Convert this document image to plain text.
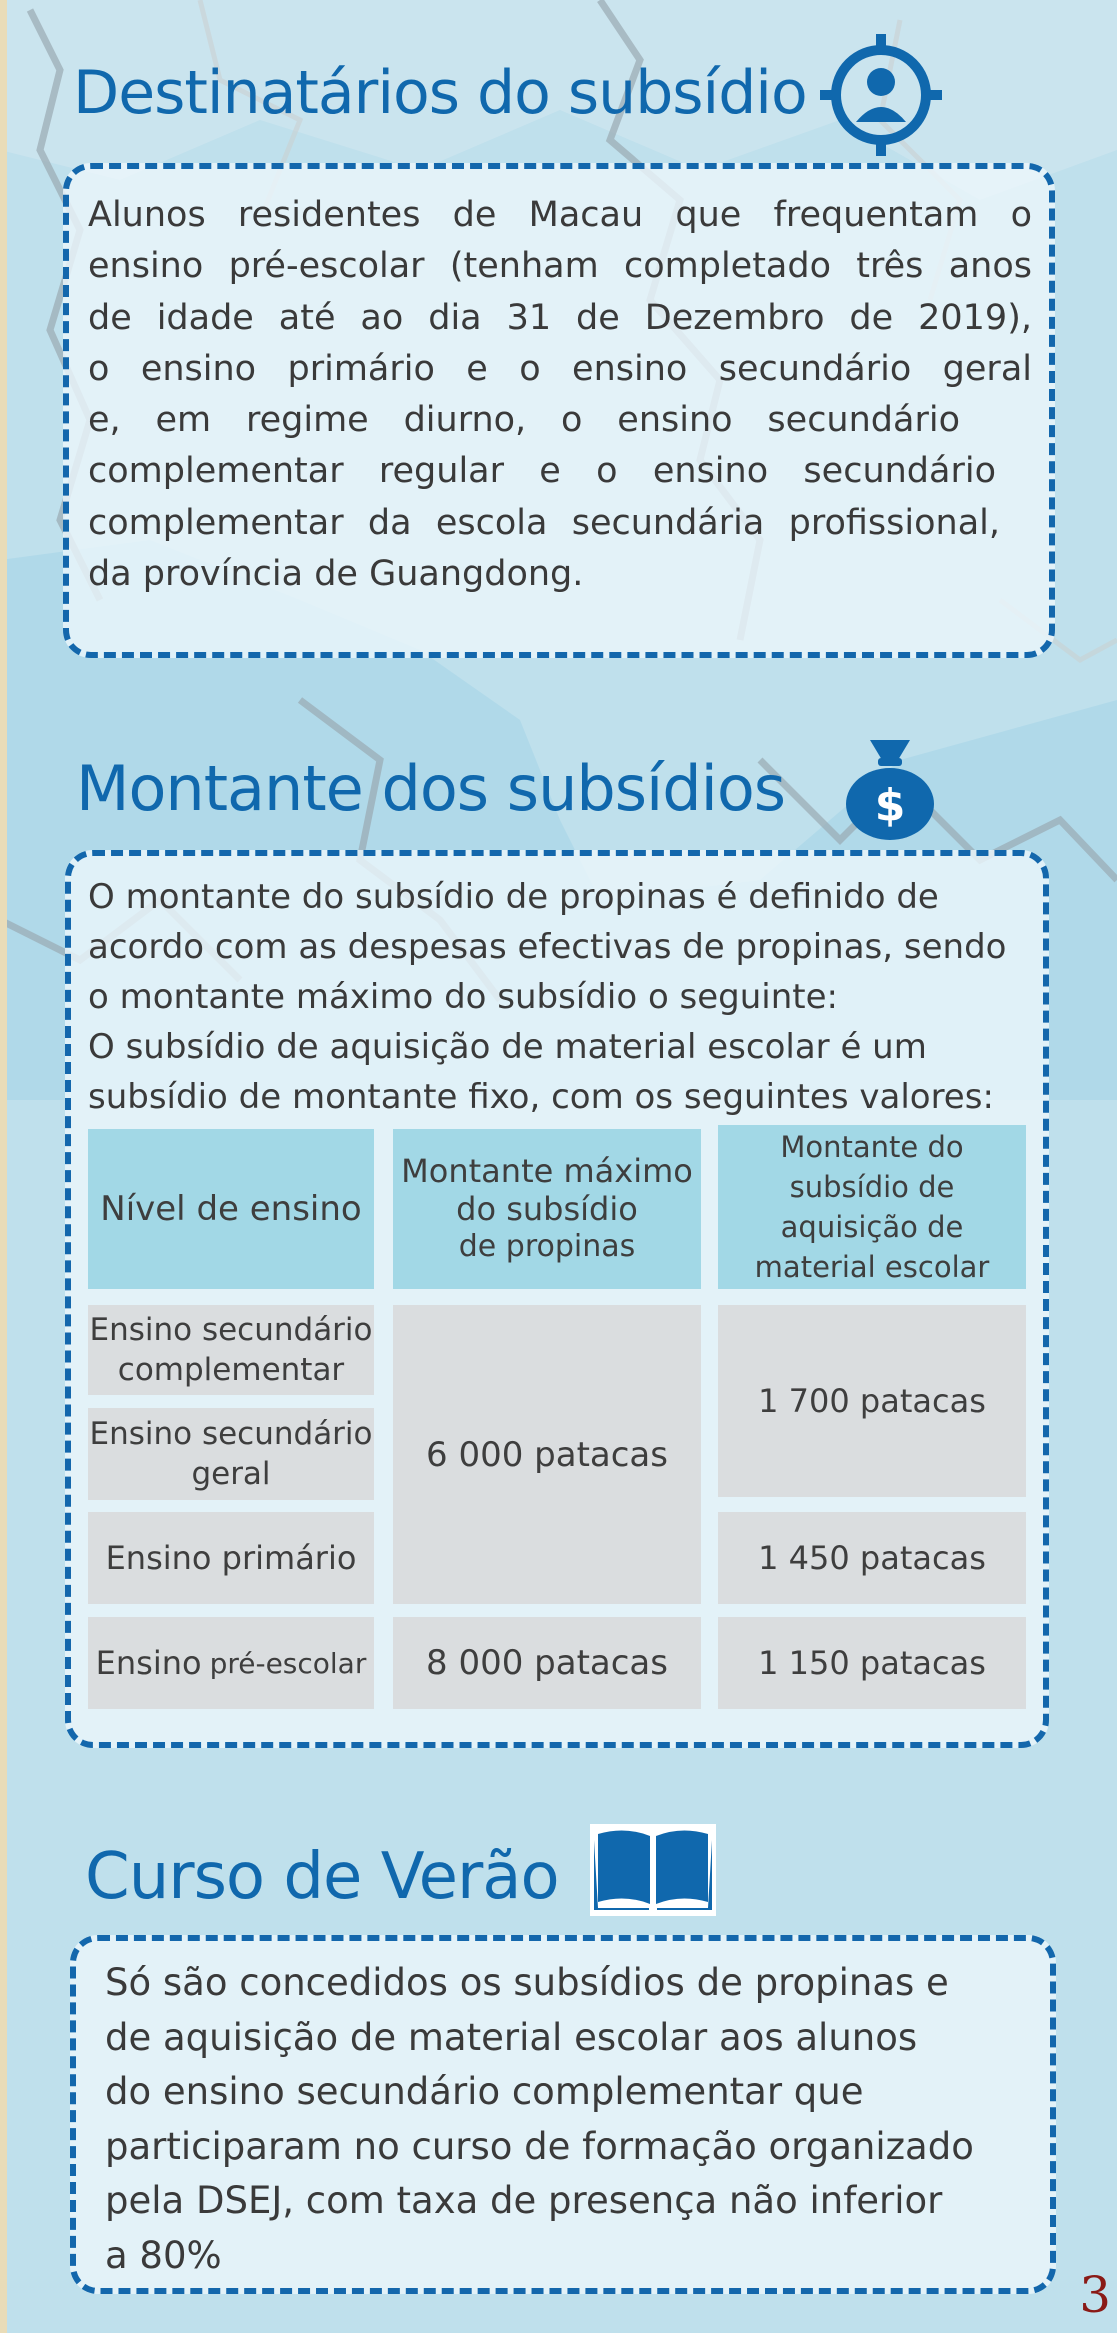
Destinatários do subsídio
Alunos residentes de Macau que frequentam o
ensino pré-escolar (tenham completado três anos
de idade até ao dia 31 de Dezembro de 2019),
o ensino primário e o ensino secundário geral
e, em regime diurno, o ensino secundário
complementar regular e o ensino secundário
complementar da escola secundária profissional,
da província de Guangdong.
Montante dos subsídios $
O montante do subsídio de propinas é definido de
acordo com as despesas efectivas de propinas, sendo
o montante máximo do subsídio o seguinte:
O subsídio de aquisição de material escolar é um
subsídio de montante fixo, com os seguintes valores:
Nível de ensino
Montante máximo
do subsídio
de propinas
Montante do
subsídio de
aquisição de
material escolar
Ensino secundário
complementar
Ensino secundário
geral
Ensino primário
Ensino pré-escolar
6 000 patacas
8 000 patacas
1 700 patacas
1 450 patacas
1 150 patacas
Curso de Verão
Só são concedidos os subsídios de propinas e
de aquisição de material escolar aos alunos
do ensino secundário complementar que
participaram no curso de formação organizado
pela DSEJ, com taxa de presença não inferior
a 80%
3
